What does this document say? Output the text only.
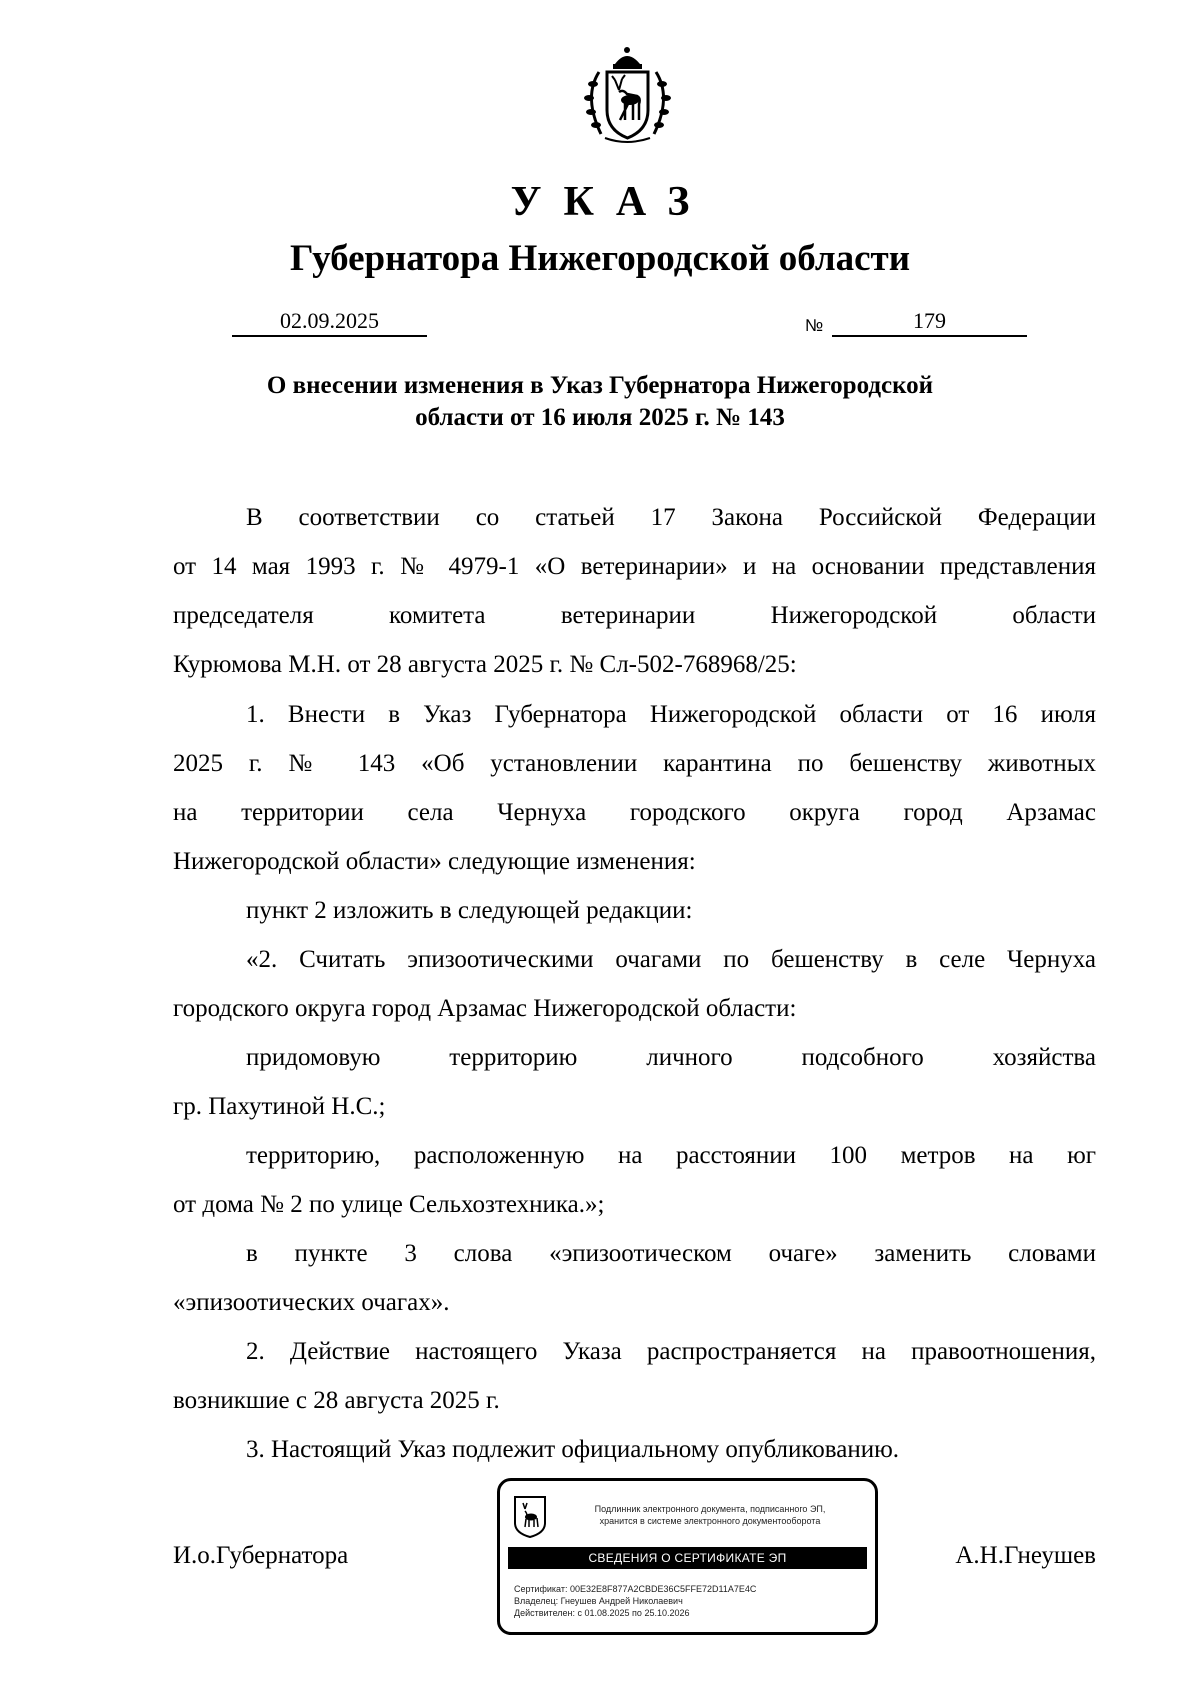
УКАЗ
Губернатора Нижегородской области
02.09.2025	№	179
О внесении изменения в Указ Губернатора Нижегородской
области от 16 июля 2025 г. № 143
В соответствии со статьей 17 Закона Российской Федерации
от 14 мая 1993 г. № 4979-1 «О ветеринарии» и на основании представления
председателя комитета ветеринарии Нижегородской области
Курюмова М.Н. от 28 августа 2025 г. № Сл-502-768968/25:
1. Внести в Указ Губернатора Нижегородской области от 16 июля
2025 г. № 143 «Об установлении карантина по бешенству животных
на территории села Чернуха городского округа город Арзамас
Нижегородской области» следующие изменения:
пункт 2 изложить в следующей редакции:
«2. Считать эпизоотическими очагами по бешенству в селе Чернуха
городского округа город Арзамас Нижегородской области:
придомовую территорию личного подсобного хозяйства
гр. Пахутиной Н.С.;
территорию, расположенную на расстоянии 100 метров на юг
от дома № 2 по улице Сельхозтехника.»;
в пункте 3 слова «эпизоотическом очаге» заменить словами
«эпизоотических очагах».
2. Действие настоящего Указа распространяется на правоотношения,
возникшие с 28 августа 2025 г.
3. Настоящий Указ подлежит официальному опубликованию.
И.о.Губернатора	А.Н.Гнеушев
Подлинник электронного документа, подписанного ЭП,
хранится в системе электронного документооборота
СВЕДЕНИЯ О СЕРТИФИКАТЕ ЭП
Сертификат: 00E32E8F877A2CBDE36C5FFE72D11A7E4C
Владелец: Гнеушев Андрей Николаевич
Действителен: с 01.08.2025 по 25.10.2026
